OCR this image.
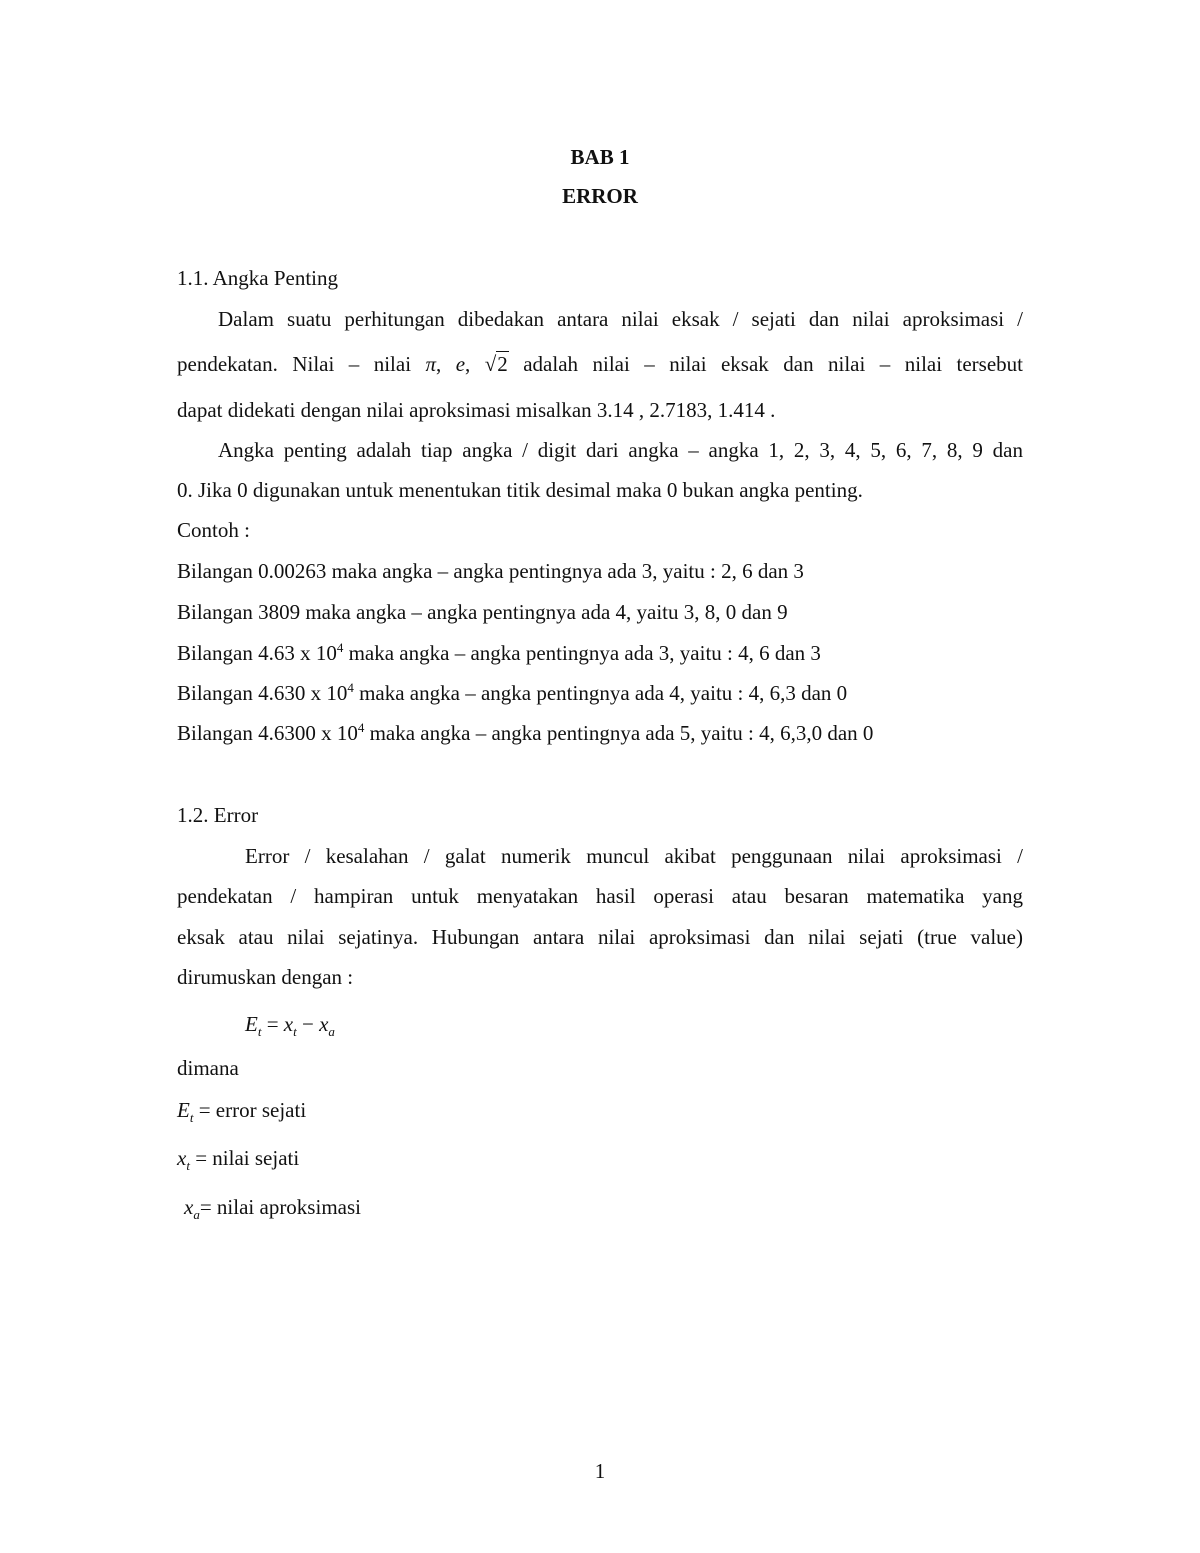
BAB 1
ERROR
1.1. Angka Penting
Dalam suatu perhitungan dibedakan antara nilai eksak / sejati dan nilai aproksimasi /
pendekatan. Nilai – nilai π, e, √2 adalah nilai – nilai eksak dan nilai – nilai tersebut
dapat didekati dengan nilai aproksimasi misalkan 3.14 , 2.7183, 1.414 .
Angka penting adalah tiap angka / digit dari angka – angka 1, 2, 3, 4, 5, 6, 7, 8, 9 dan
0. Jika 0 digunakan untuk menentukan titik desimal maka 0 bukan angka penting.
Contoh :
Bilangan 0.00263 maka angka – angka pentingnya ada 3, yaitu : 2, 6 dan 3
Bilangan 3809 maka angka – angka pentingnya ada 4, yaitu 3, 8, 0 dan 9
Bilangan 4.63 x $10^4$ maka angka – angka pentingnya ada 3, yaitu : 4, 6 dan 3
Bilangan 4.630 x $10^4$ maka angka – angka pentingnya ada 4, yaitu : 4, 6,3 dan 0
Bilangan 4.6300 x $10^4$ maka angka – angka pentingnya ada 5, yaitu : 4, 6,3,0 dan 0
1.2. Error
Error / kesalahan / galat numerik muncul akibat penggunaan nilai aproksimasi /
pendekatan / hampiran untuk menyatakan hasil operasi atau besaran matematika yang
eksak atau nilai sejatinya. Hubungan antara nilai aproksimasi dan nilai sejati (true value)
dirumuskan dengan :
$E_t = x_t - x_a$
dimana
$E_t$ = error sejati
$x_t$ = nilai sejati
$x_a=$ nilai aproksimasi
1
